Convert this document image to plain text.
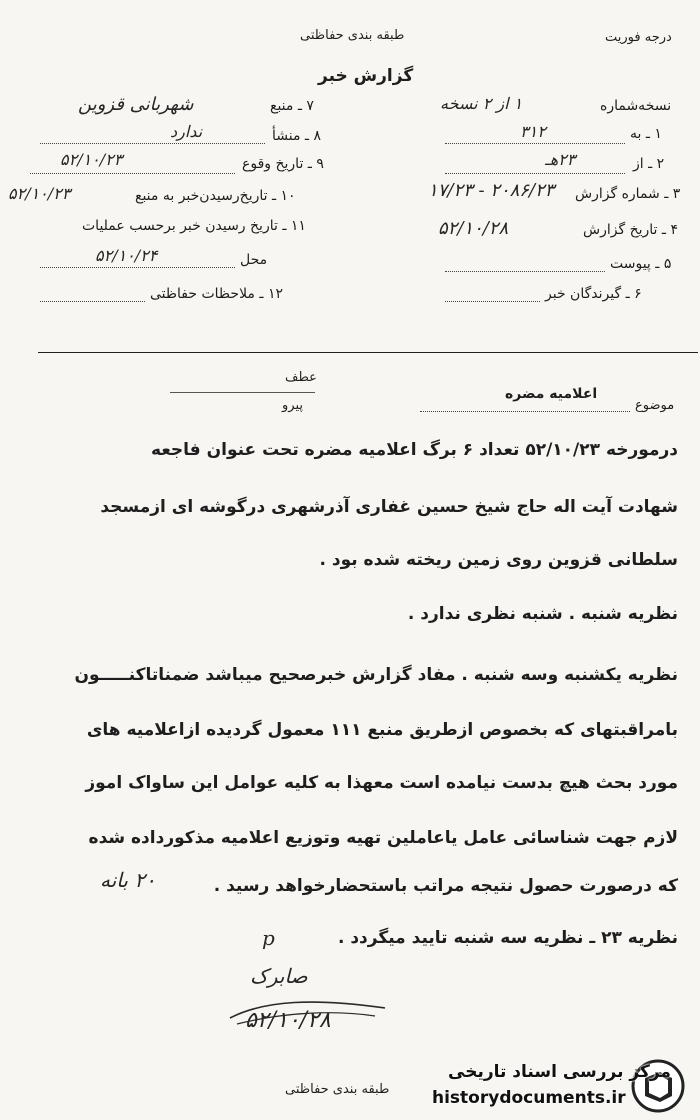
طبقه بندی حفاظتی	درجه فوریت
گزارش خبر
نسخه‌شماره
۱ از ۲ نسخه
۱ ـ به
۳۱۲
۲ ـ از
۲۳هـ
۳ ـ شماره گزارش
۲۰۸۶/۲۳ - ۱۷/۲۳
۴ ـ تاریخ گزارش
۵۲/۱۰/۲۸
۵ ـ پیوست
۶ ـ گیرندگان خبر
۷ ـ منبع
شهربانی قزوین
۸ ـ منشأ
ندارد
۹ ـ تاریخ وقوع
۵۲/۱۰/۲۳
۱۰ ـ تاریخ‌رسیدن‌خبر به منبع
۵۲/۱۰/۲۳
۱۱ ـ تاریخ رسیدن خبر برحسب عملیات
محل
۵۲/۱۰/۲۴
۱۲ ـ ملاحظات حفاظتی
موضوع
اعلامیه مضره
عطف
پیرو
درمورخه ۵۲/۱۰/۲۳ تعداد ۶ برگ اعلامیه مضره تحت عنوان فاجعه
شهادت آیت اله حاج شیخ حسین غفاری آذرشهری درگوشه ای ازمسجد
سلطانی قزوین روی زمین ریخته شده بود .
نظریه شنبه . شنبه نظری ندارد .
نظریه یکشنبه وسه شنبه . مفاد گزارش خبرصحیح میباشد ضمناتاکنـــــون
بامراقبتهای که بخصوص ازطریق منبع ۱۱۱ معمول گردیده ازاعلامیه های
مورد بحث هیچ بدست نیامده است معهذا به کلیه عوامل این ساواک اموز
لازم جهت شناسائی عامل یاعاملین تهیه وتوزیع اعلامیه مذکورداده شده
که درصورت حصول نتیجه مراتب باستحضارخواهد رسید .
نظریه ۲۳ ـ نظریه سه شنبه تایید میگردد .
۲۰ بانه
p
صابرک
۵۲/۱۰/۲۸
طبقه بندی حفاظتی
مرکز بررسی اسناد تاریخی
historydocuments.ir
